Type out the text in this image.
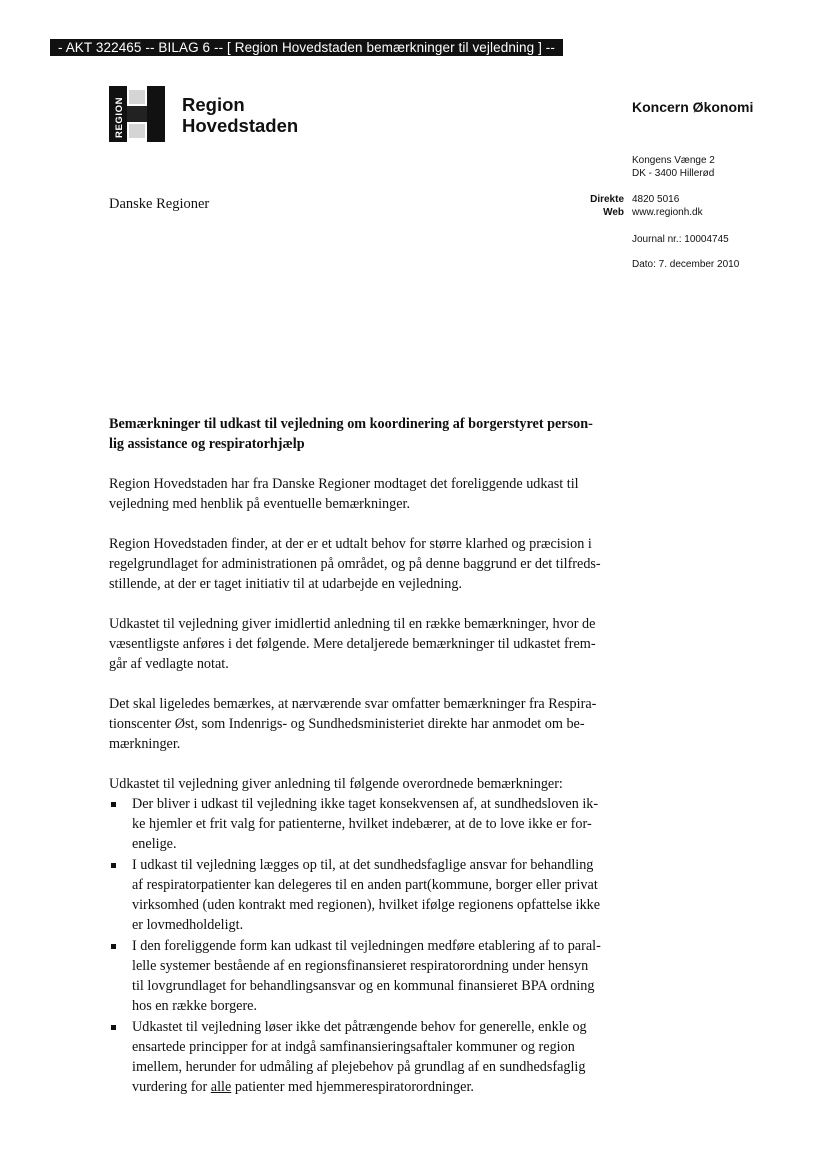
- AKT 322465 -- BILAG 6 -- [ Region Hovedstaden bemærkninger til vejledning ] --
REGION	Region
Hovedstaden
Koncern Økonomi
Kongens Vænge 2
DK - 3400 Hillerød
Direkte 4820 5016
Web www.regionh.dk
Journal nr.: 10004745
Dato: 7. december 2010
Danske Regioner
Bemærkninger til udkast til vejledning om koordinering af borgerstyret person-
lig assistance og respiratorhjælp

Region Hovedstaden har fra Danske Regioner modtaget det foreliggende udkast til
vejledning med henblik på eventuelle bemærkninger.

Region Hovedstaden finder, at der er et udtalt behov for større klarhed og præcision i
regelgrundlaget for administrationen på området, og på denne baggrund er det tilfreds-
stillende, at der er taget initiativ til at udarbejde en vejledning.

Udkastet til vejledning giver imidlertid anledning til en række bemærkninger, hvor de
væsentligste anføres i det følgende. Mere detaljerede bemærkninger til udkastet frem-
går af vedlagte notat.

Det skal ligeledes bemærkes, at nærværende svar omfatter bemærkninger fra Respira-
tionscenter Øst, som Indenrigs- og Sundhedsministeriet direkte har anmodet om be-
mærkninger.

Udkastet til vejledning giver anledning til følgende overordnede bemærkninger:

Der bliver i udkast til vejledning ikke taget konsekvensen af, at sundhedsloven ik-
ke hjemler et frit valg for patienterne, hvilket indebærer, at de to love ikke er for-
enelige.
I udkast til vejledning lægges op til, at det sundhedsfaglige ansvar for behandling
af respiratorpatienter kan delegeres til en anden part(kommune, borger eller privat
virksomhed (uden kontrakt med regionen), hvilket ifølge regionens opfattelse ikke
er lovmedholdeligt.
I den foreliggende form kan udkast til vejledningen medføre etablering af to paral-
lelle systemer bestående af en regionsfinansieret respiratorordning under hensyn
til lovgrundlaget for behandlingsansvar og en kommunal finansieret BPA ordning
hos en række borgere.
Udkastet til vejledning løser ikke det påtrængende behov for generelle, enkle og
ensartede principper for at indgå samfinansieringsaftaler kommuner og region
imellem, herunder for udmåling af plejebehov på grundlag af en sundhedsfaglig
vurdering for alle patienter med hjemmerespiratorordninger.
